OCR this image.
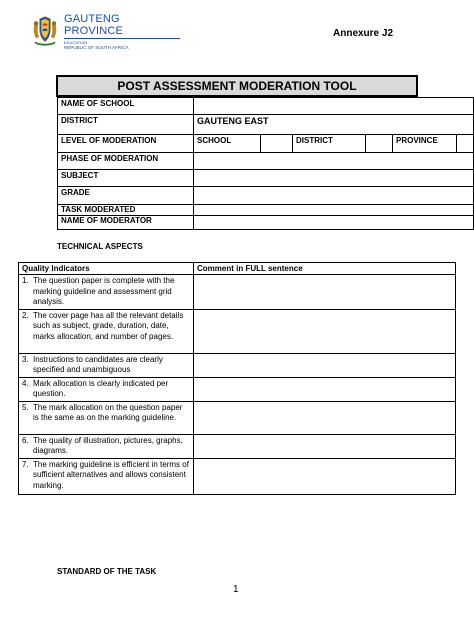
GAUTENG PROVINCE
EDUCATION
REPUBLIC OF SOUTH AFRICA
Annexure J2
POST ASSESSMENT MODERATION TOOL
NAME OF SCHOOL						
DISTRICT	GAUTENG EAST					
LEVEL OF MODERATION	SCHOOL		DISTRICT		PROVINCE	
PHASE OF MODERATION						
SUBJECT						
GRADE						
TASK MODERATED						
NAME OF MODERATOR						
TECHNICAL ASPECTS
Quality Indicators	Comment in FULL sentence

1. The question paper is complete with the marking guideline and assessment grid analysis.	

2. The cover page has all the relevant details such as subject, grade, duration, date, marks allocation, and number of pages.	

3. Instructions to candidates are clearly specified and unambiguous	

4. Mark allocation is clearly indicated per question.	

5. The mark allocation on the question paper is the same as on the marking guideline.	

6. The quality of illustration, pictures, graphs, diagrams.	

7. The marking guideline is efficient in terms of sufficient alternatives and allows consistent marking.	

STANDARD OF THE TASK
1
